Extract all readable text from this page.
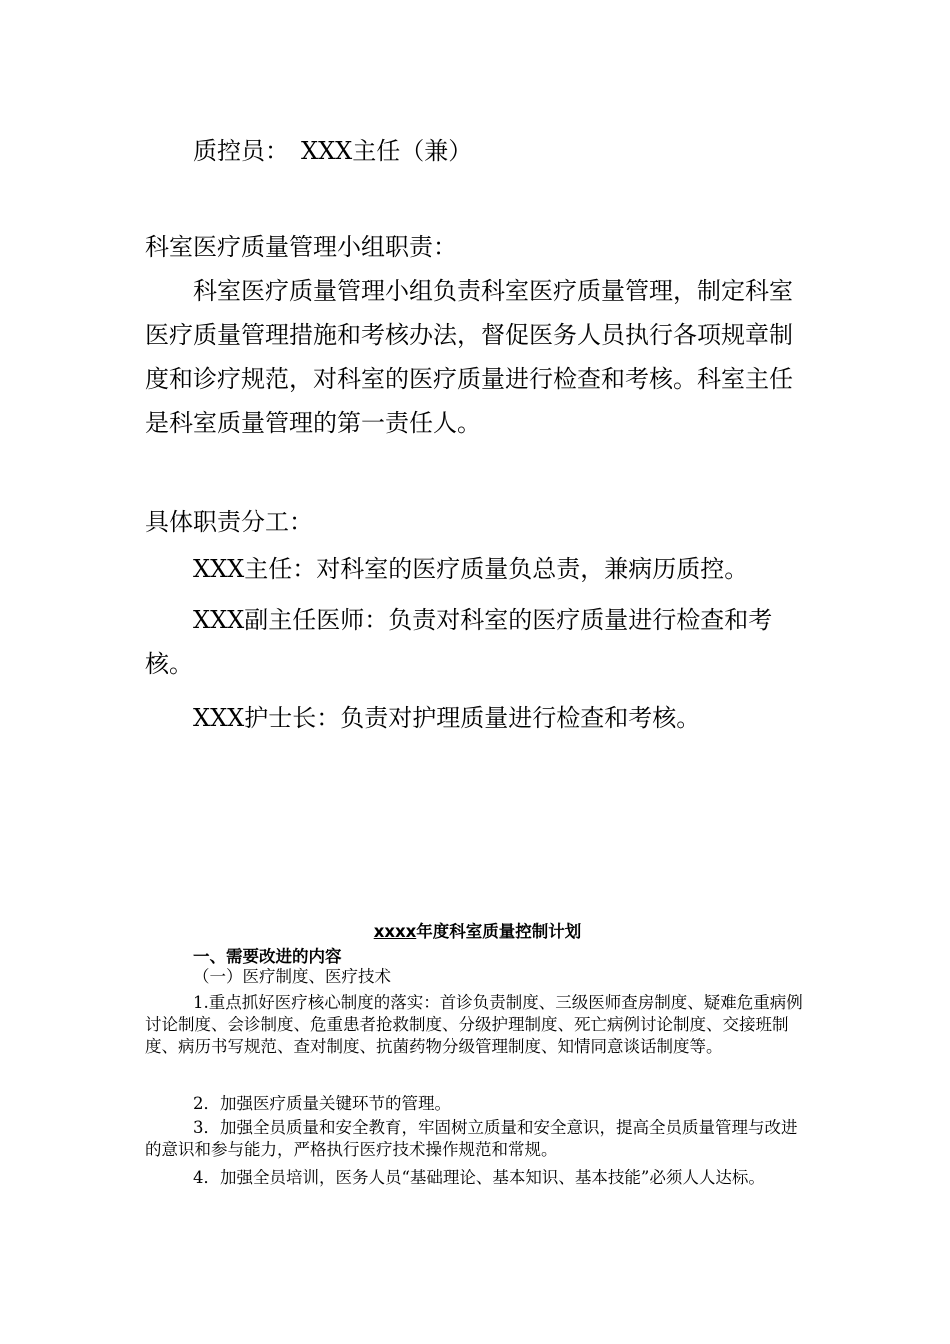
质控员：　XXX主任（兼）

科室医疗质量管理小组职责：

科室医疗质量管理小组负责科室医疗质量管理，制定科室医疗质量管理措施和考核办法，督促医务人员执行各项规章制度和诊疗规范，对科室的医疗质量进行检查和考核。科室主任是科室质量管理的第一责任人。

具体职责分工：

XXX主任：对科室的医疗质量负总责，兼病历质控。

XXX副主任医师：负责对科室的医疗质量进行检查和考核。

XXX护士长：负责对护理质量进行检查和考核。

xxxx年度科室质量控制计划

一、需要改进的内容

（一）医疗制度、医疗技术

1.重点抓好医疗核心制度的落实：首诊负责制度、三级医师查房制度、疑难危重病例讨论制度、会诊制度、危重患者抢救制度、分级护理制度、死亡病例讨论制度、交接班制度、病历书写规范、查对制度、抗菌药物分级管理制度、知情同意谈话制度等。

2．加强医疗质量关键环节的管理。

3．加强全员质量和安全教育，牢固树立质量和安全意识，提高全员质量管理与改进的意识和参与能力，严格执行医疗技术操作规范和常规。

4．加强全员培训，医务人员“基础理论、基本知识、基本技能”必须人人达标。
